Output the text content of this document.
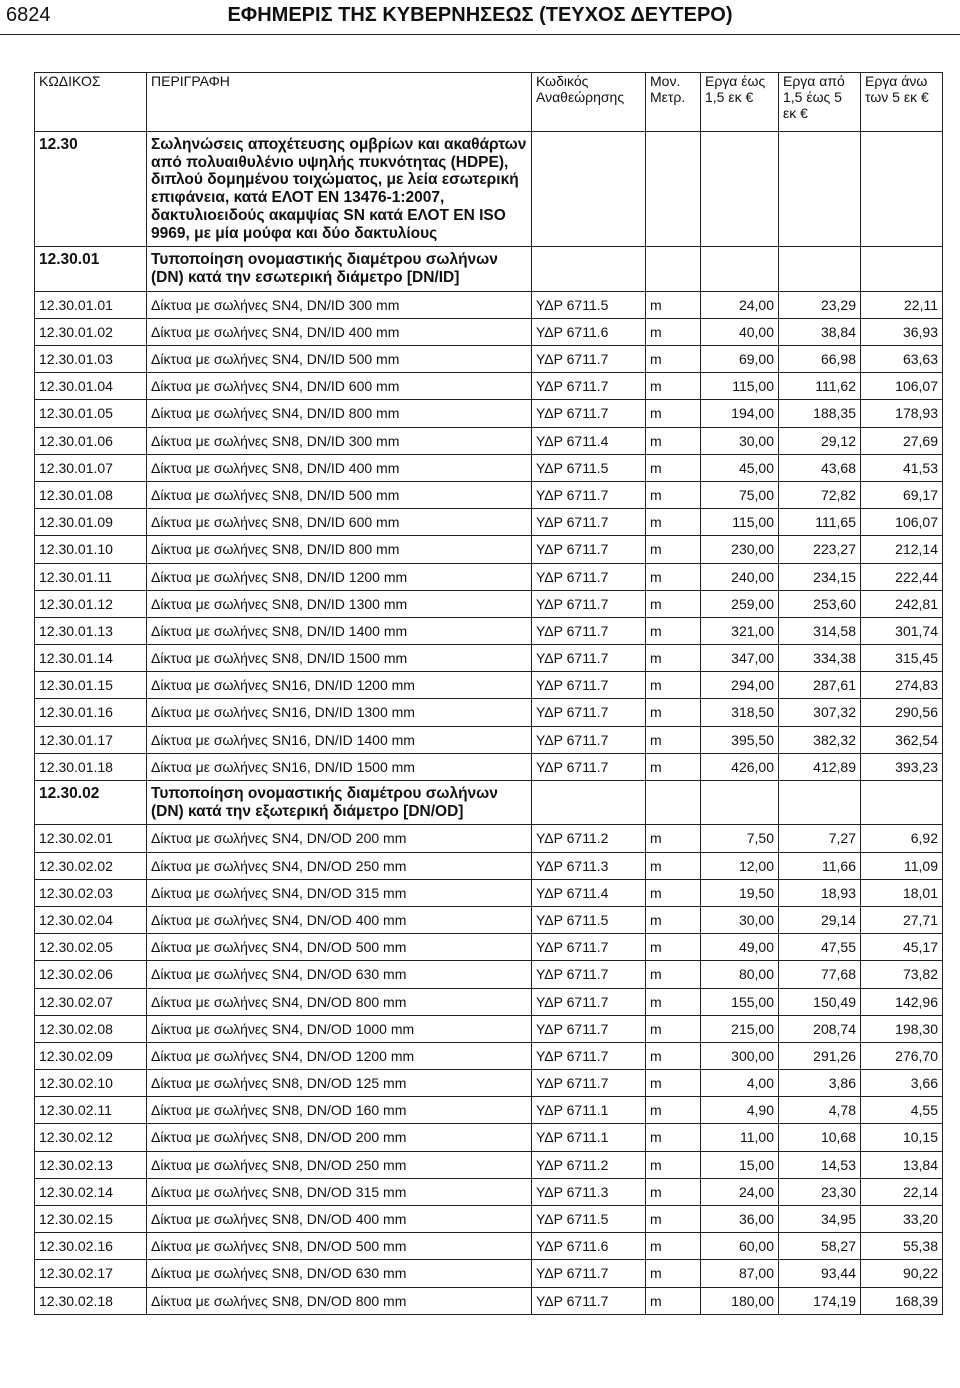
6824	ΕΦΗΜΕΡΙΣ ΤΗΣ ΚΥΒΕΡΝΗΣΕΩΣ (ΤΕΥΧΟΣ ΔΕΥΤΕΡΟ)
ΚΩΔΙΚΟΣ	ΠΕΡΙΓΡΑΦΗ	Κωδικός Αναθεώρησης	Μον. Μετρ.	Εργα έως 1,5 εκ €	Εργα από 1,5 έως 5 εκ €	Εργα άνω των 5 εκ €
12.30	Σωληνώσεις αποχέτευσης ομβρίων και ακαθάρτων από πολυαιθυλένιο υψηλής πυκνότητας (HDPE), διπλού δομημένου τοιχώματος, με λεία εσωτερική επιφάνεια, κατά ΕΛΟΤ ΕΝ 13476-1:2007, δακτυλιοειδούς ακαμψίας SN κατά ΕΛΟΤ ΕΝ ISO 9969, με μία μούφα και δύο δακτυλίους					
12.30.01	Τυποποίηση ονομαστικής διαμέτρου σωλήνων (DN) κατά την εσωτερική διάμετρο [DN/ID]					
12.30.01.01	Δίκτυα με σωλήνες SN4, DN/ID 300 mm	ΥΔΡ 6711.5	m	24,00	23,29	22,11
12.30.01.02	Δίκτυα με σωλήνες SN4, DN/ID 400 mm	ΥΔΡ 6711.6	m	40,00	38,84	36,93
12.30.01.03	Δίκτυα με σωλήνες SN4, DN/ID 500 mm	ΥΔΡ 6711.7	m	69,00	66,98	63,63
12.30.01.04	Δίκτυα με σωλήνες SN4, DN/ID 600 mm	ΥΔΡ 6711.7	m	115,00	111,62	106,07
12.30.01.05	Δίκτυα με σωλήνες SN4, DN/ID 800 mm	ΥΔΡ 6711.7	m	194,00	188,35	178,93
12.30.01.06	Δίκτυα με σωλήνες SN8, DN/ID 300 mm	ΥΔΡ 6711.4	m	30,00	29,12	27,69
12.30.01.07	Δίκτυα με σωλήνες SN8, DN/ID 400 mm	ΥΔΡ 6711.5	m	45,00	43,68	41,53
12.30.01.08	Δίκτυα με σωλήνες SN8, DN/ID 500 mm	ΥΔΡ 6711.7	m	75,00	72,82	69,17
12.30.01.09	Δίκτυα με σωλήνες SN8, DN/ID 600 mm	ΥΔΡ 6711.7	m	115,00	111,65	106,07
12.30.01.10	Δίκτυα με σωλήνες SN8, DN/ID 800 mm	ΥΔΡ 6711.7	m	230,00	223,27	212,14
12.30.01.11	Δίκτυα με σωλήνες SN8, DN/ID 1200 mm	ΥΔΡ 6711.7	m	240,00	234,15	222,44
12.30.01.12	Δίκτυα με σωλήνες SN8, DN/ID 1300 mm	ΥΔΡ 6711.7	m	259,00	253,60	242,81
12.30.01.13	Δίκτυα με σωλήνες SN8, DN/ID 1400 mm	ΥΔΡ 6711.7	m	321,00	314,58	301,74
12.30.01.14	Δίκτυα με σωλήνες SN8, DN/ID 1500 mm	ΥΔΡ 6711.7	m	347,00	334,38	315,45
12.30.01.15	Δίκτυα με σωλήνες SN16, DN/ID 1200 mm	ΥΔΡ 6711.7	m	294,00	287,61	274,83
12.30.01.16	Δίκτυα με σωλήνες SN16, DN/ID 1300 mm	ΥΔΡ 6711.7	m	318,50	307,32	290,56
12.30.01.17	Δίκτυα με σωλήνες SN16, DN/ID 1400 mm	ΥΔΡ 6711.7	m	395,50	382,32	362,54
12.30.01.18	Δίκτυα με σωλήνες SN16, DN/ID 1500 mm	ΥΔΡ 6711.7	m	426,00	412,89	393,23
12.30.02	Τυποποίηση ονομαστικής διαμέτρου σωλήνων (DN) κατά την εξωτερική διάμετρο [DN/OD]					
12.30.02.01	Δίκτυα με σωλήνες SN4, DN/OD 200 mm	ΥΔΡ 6711.2	m	7,50	7,27	6,92
12.30.02.02	Δίκτυα με σωλήνες SN4, DN/OD 250 mm	ΥΔΡ 6711.3	m	12,00	11,66	11,09
12.30.02.03	Δίκτυα με σωλήνες SN4, DN/OD 315 mm	ΥΔΡ 6711.4	m	19,50	18,93	18,01
12.30.02.04	Δίκτυα με σωλήνες SN4, DN/OD 400 mm	ΥΔΡ 6711.5	m	30,00	29,14	27,71
12.30.02.05	Δίκτυα με σωλήνες SN4, DN/OD 500 mm	ΥΔΡ 6711.7	m	49,00	47,55	45,17
12.30.02.06	Δίκτυα με σωλήνες SN4, DN/OD 630 mm	ΥΔΡ 6711.7	m	80,00	77,68	73,82
12.30.02.07	Δίκτυα με σωλήνες SN4, DN/OD 800 mm	ΥΔΡ 6711.7	m	155,00	150,49	142,96
12.30.02.08	Δίκτυα με σωλήνες SN4, DN/OD 1000 mm	ΥΔΡ 6711.7	m	215,00	208,74	198,30
12.30.02.09	Δίκτυα με σωλήνες SN4, DN/OD 1200 mm	ΥΔΡ 6711.7	m	300,00	291,26	276,70
12.30.02.10	Δίκτυα με σωλήνες SN8, DN/OD 125 mm	ΥΔΡ 6711.7	m	4,00	3,86	3,66
12.30.02.11	Δίκτυα με σωλήνες SN8, DN/OD 160 mm	ΥΔΡ 6711.1	m	4,90	4,78	4,55
12.30.02.12	Δίκτυα με σωλήνες SN8, DN/OD 200 mm	ΥΔΡ 6711.1	m	11,00	10,68	10,15
12.30.02.13	Δίκτυα με σωλήνες SN8, DN/OD 250 mm	ΥΔΡ 6711.2	m	15,00	14,53	13,84
12.30.02.14	Δίκτυα με σωλήνες SN8, DN/OD 315 mm	ΥΔΡ 6711.3	m	24,00	23,30	22,14
12.30.02.15	Δίκτυα με σωλήνες SN8, DN/OD 400 mm	ΥΔΡ 6711.5	m	36,00	34,95	33,20
12.30.02.16	Δίκτυα με σωλήνες SN8, DN/OD 500 mm	ΥΔΡ 6711.6	m	60,00	58,27	55,38
12.30.02.17	Δίκτυα με σωλήνες SN8, DN/OD 630 mm	ΥΔΡ 6711.7	m	87,00	93,44	90,22
12.30.02.18	Δίκτυα με σωλήνες SN8, DN/OD 800 mm	ΥΔΡ 6711.7	m	180,00	174,19	168,39
